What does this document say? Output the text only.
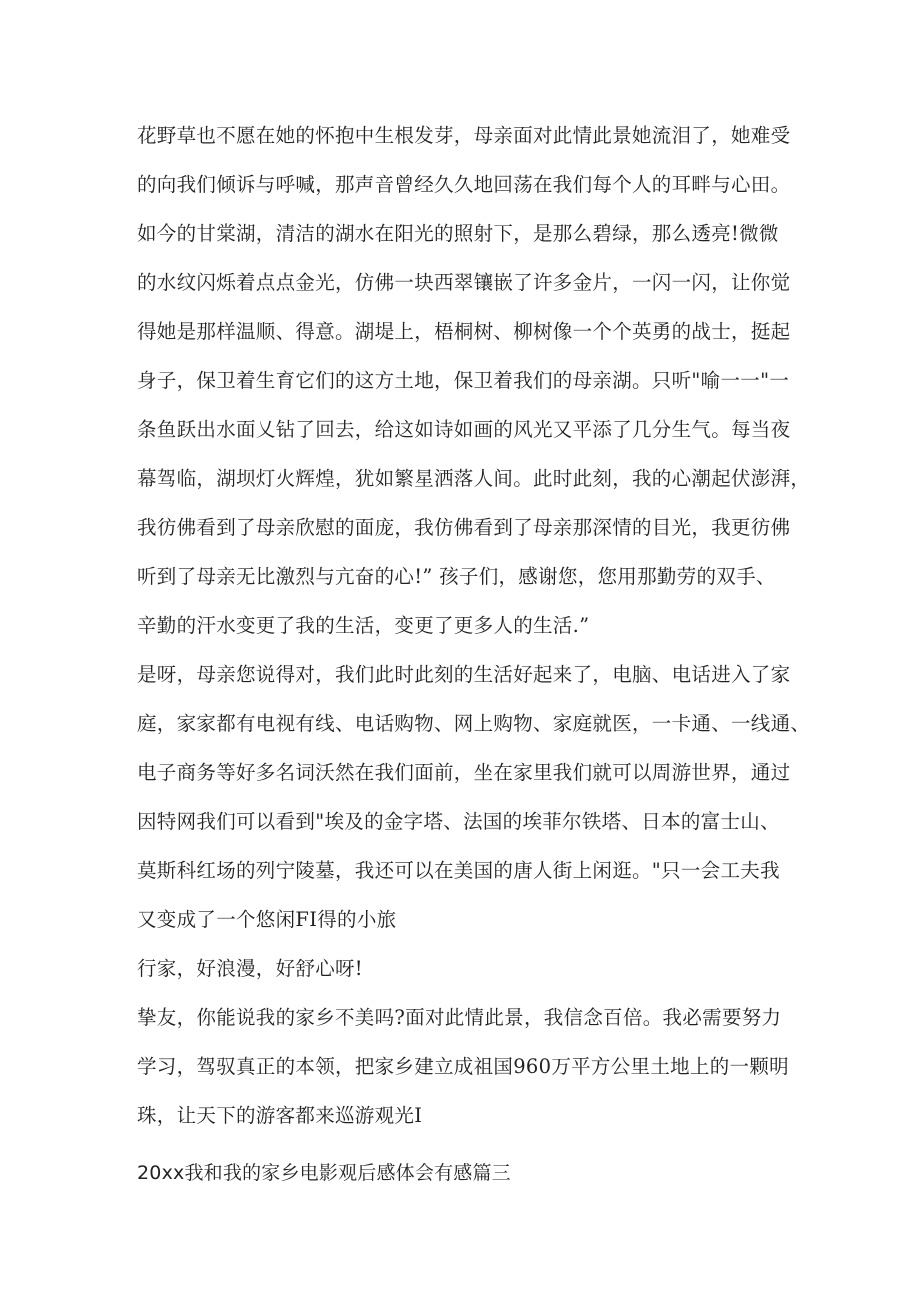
花野草也不愿在她的怀抱中生根发芽，母亲面对此情此景她流泪了，她难受

的向我们倾诉与呼喊，那声音曾经久久地回荡在我们每个人的耳畔与心田。

如今的甘棠湖，清洁的湖水在阳光的照射下，是那么碧绿，那么透亮!微微

的水纹闪烁着点点金光，仿佛一块西翠镶嵌了许多金片，一闪一闪，让你觉

得她是那样温顺、得意。湖堤上，梧桐树、柳树像一个个英勇的战士，挺起

身子，保卫着生育它们的这方土地，保卫着我们的母亲湖。只听"喻一一"一

条鱼跃出水面乂钻了回去，给这如诗如画的风光又平添了几分生气。每当夜

幕驾临，湖坝灯火辉煌，犹如繁星洒落人间。此时此刻，我的心潮起伏澎湃，

我彷佛看到了母亲欣慰的面庞，我仿佛看到了母亲那深情的目光，我更彷佛

听到了母亲无比激烈与亢奋的心!” 孩子们，感谢您，您用那勤劳的双手、

辛勤的汗水变更了我的生活，变更了更多人的生活.”

是呀，母亲您说得对，我们此时此刻的生活好起来了，电脑、电话进入了家

庭，家家都有电视有线、电话购物、网上购物、家庭就医，一卡通、一线通、

电子商务等好多名词沃然在我们面前，坐在家里我们就可以周游世界，通过

因特网我们可以看到"埃及的金字塔、法国的埃菲尔铁塔、日本的富士山、

莫斯科红场的列宁陵墓，我还可以在美国的唐人街上闲逛。"只一会工夫我

又变成了一个悠闲FI得的小旅

行家，好浪漫，好舒心呀!

挚友，你能说我的家乡不美吗?面对此情此景，我信念百倍。我必需要努力

学习，驾驭真正的本领，把家乡建立成祖国960万平方公里土地上的一颗明

珠，让天下的游客都来巡游观光I

20xx我和我的家乡电影观后感体会有感篇三
